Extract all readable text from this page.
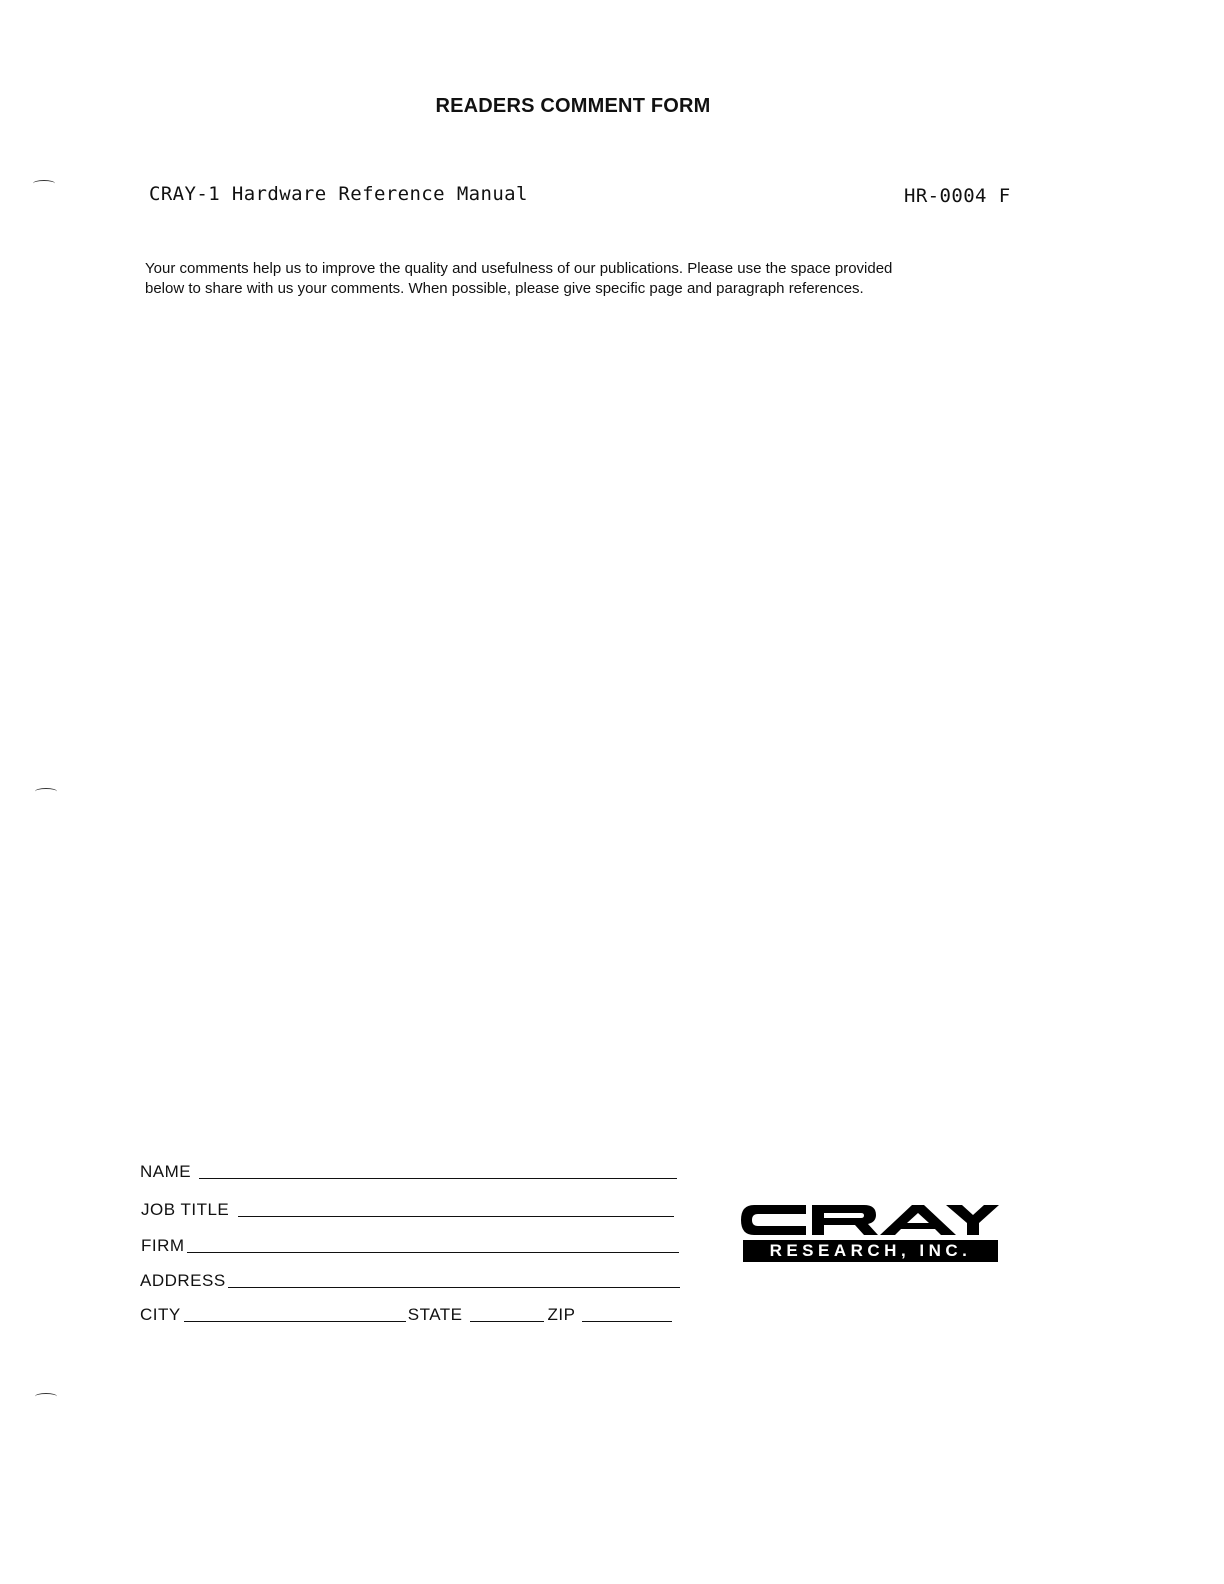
READERS COMMENT FORM
CRAY-1 Hardware Reference Manual	HR-0004 F
Your comments help us to improve the quality and usefulness of our publications. Please use the space provided
below to share with us your comments. When possible, please give specific page and paragraph references.
NAME
JOB TITLE
FIRM
ADDRESS
CITY	STATE	ZIP
RESEARCH, INC.
